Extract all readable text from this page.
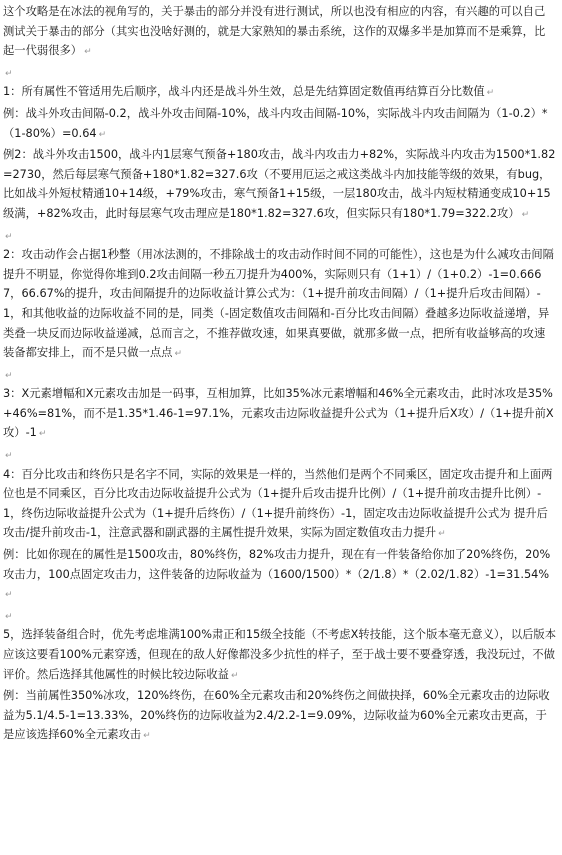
这个攻略是在冰法的视角写的，关于暴击的部分并没有进行测试，所以也没有相应的内容，有兴趣的可以自己测试关于暴击的部分（其实也没啥好测的，就是大家熟知的暴击系统，这作的双爆多半是加算而不是乘算，比起一代弱很多） ↵

↵

1：所有属性不管适用先后顺序，战斗内还是战斗外生效，总是先结算固定数值再结算百分比数值 ↵

例：战斗外攻击间隔-0.2，战斗外攻击间隔-10%，战斗内攻击间隔-10%，实际战斗内攻击间隔为（1-0.2）*（1-80%）=0.64 ↵

例2：战斗外攻击1500，战斗内1层寒气预备+180攻击，战斗内攻击力+82%，实际战斗内攻击为1500*1.82=2730，然后每层寒气预备+180*1.82=327.6攻（不要用厄运之戒这类战斗内加技能等级的效果，有bug，比如战斗外短杖精通10+14级，+79%攻击，寒气预备1+15级，一层180攻击，战斗内短杖精通变成10+15级满，+82%攻击，此时每层寒气攻击理应是180*1.82=327.6攻，但实际只有180*1.79=322.2攻） ↵

↵

2：攻击动作会占据1秒整（用冰法测的，不排除战士的攻击动作时间不同的可能性），这也是为什么减攻击间隔提升不明显，你觉得你堆到0.2攻击间隔一秒五刀提升为400%，实际则只有（1+1）/（1+0.2）-1=0.6667，66.67%的提升，攻击间隔提升的边际收益计算公式为：（1+提升前攻击间隔）/（1+提升后攻击间隔）-1，和其他收益的边际收益不同的是，同类（-固定数值攻击间隔和-百分比攻击间隔）叠越多边际收益递增，异类叠一块反而边际收益递减，总而言之，不推荐做攻速，如果真要做，就那多做一点，把所有收益够高的攻速装备都安排上，而不是只做一点点 ↵

↵

3：X元素增幅和X元素攻击加是一码事，互相加算，比如35%冰元素增幅和46%全元素攻击，此时冰攻是35%+46%=81%，而不是1.35*1.46-1=97.1%，元素攻击边际收益提升公式为（1+提升后X攻）/（1+提升前X攻）-1 ↵

↵

4：百分比攻击和终伤只是名字不同，实际的效果是一样的，当然他们是两个不同乘区，固定攻击提升和上面两位也是不同乘区，百分比攻击边际收益提升公式为（1+提升后攻击提升比例）/（1+提升前攻击提升比例）-1，终伤边际收益提升公式为（1+提升后终伤）/（1+提升前终伤）-1，固定攻击边际收益提升公式为 提升后攻击/提升前攻击-1，注意武器和副武器的主属性提升效果，实际为固定数值攻击力提升 ↵

例：比如你现在的属性是1500攻击，80%终伤，82%攻击力提升，现在有一件装备给你加了20%终伤，20%攻击力，100点固定攻击力，这件装备的边际收益为（1600/1500）*（2/1.8）*（2.02/1.82）-1=31.54%↵

↵

5，选择装备组合时，优先考虑堆满100%肃正和15级全技能（不考虑X转技能，这个版本毫无意义），以后版本应该这要看100%元素穿透，但现在的敌人好像都没多少抗性的样子，至于战士要不要叠穿透，我没玩过，不做评价。然后选择其他属性的时候比较边际收益 ↵

例：当前属性350%冰攻，120%终伤，在60%全元素攻击和20%终伤之间做抉择，60%全元素攻击的边际收益为5.1/4.5-1=13.33%，20%终伤的边际收益为2.4/2.2-1=9.09%，边际收益为60%全元素攻击更高，于是应该选择60%全元素攻击 ↵
